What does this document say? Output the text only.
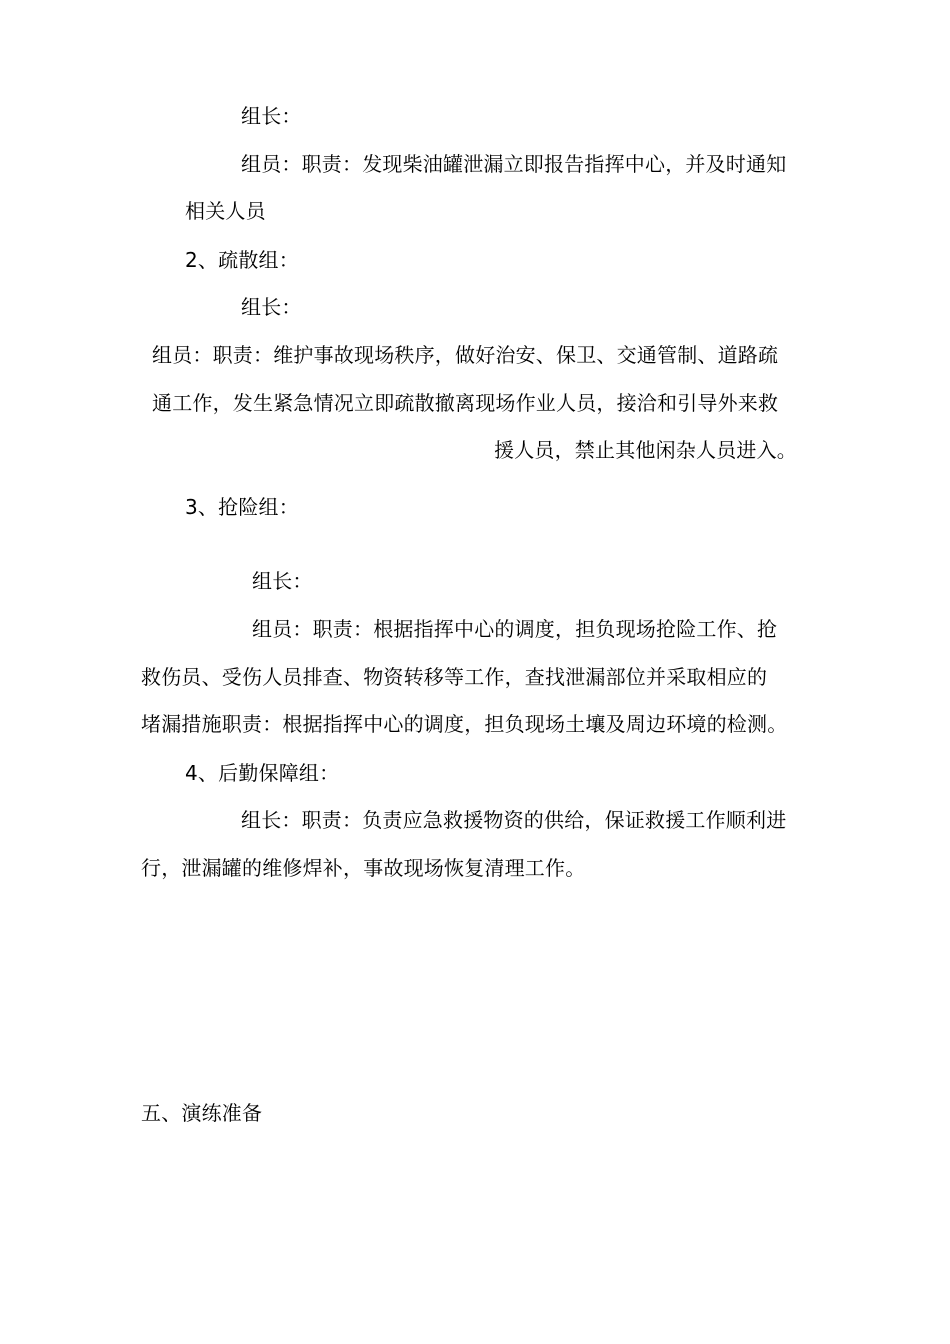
组长：
组员：职责：发现柴油罐泄漏立即报告指挥中心，并及时通知
相关人员
2、疏散组：
组长：
组员：职责：维护事故现场秩序，做好治安、保卫、交通管制、道路疏
通工作，发生紧急情况立即疏散撤离现场作业人员，接洽和引导外来救
援人员，禁止其他闲杂人员进入。
3、抢险组：
组长：
组员：职责：根据指挥中心的调度，担负现场抢险工作、抢
救伤员、受伤人员排查、物资转移等工作，查找泄漏部位并采取相应的
堵漏措施职责：根据指挥中心的调度，担负现场土壤及周边环境的检测。
4、后勤保障组：
组长：职责：负责应急救援物资的供给，保证救援工作顺利进
行，泄漏罐的维修焊补，事故现场恢复清理工作。
五、演练准备
